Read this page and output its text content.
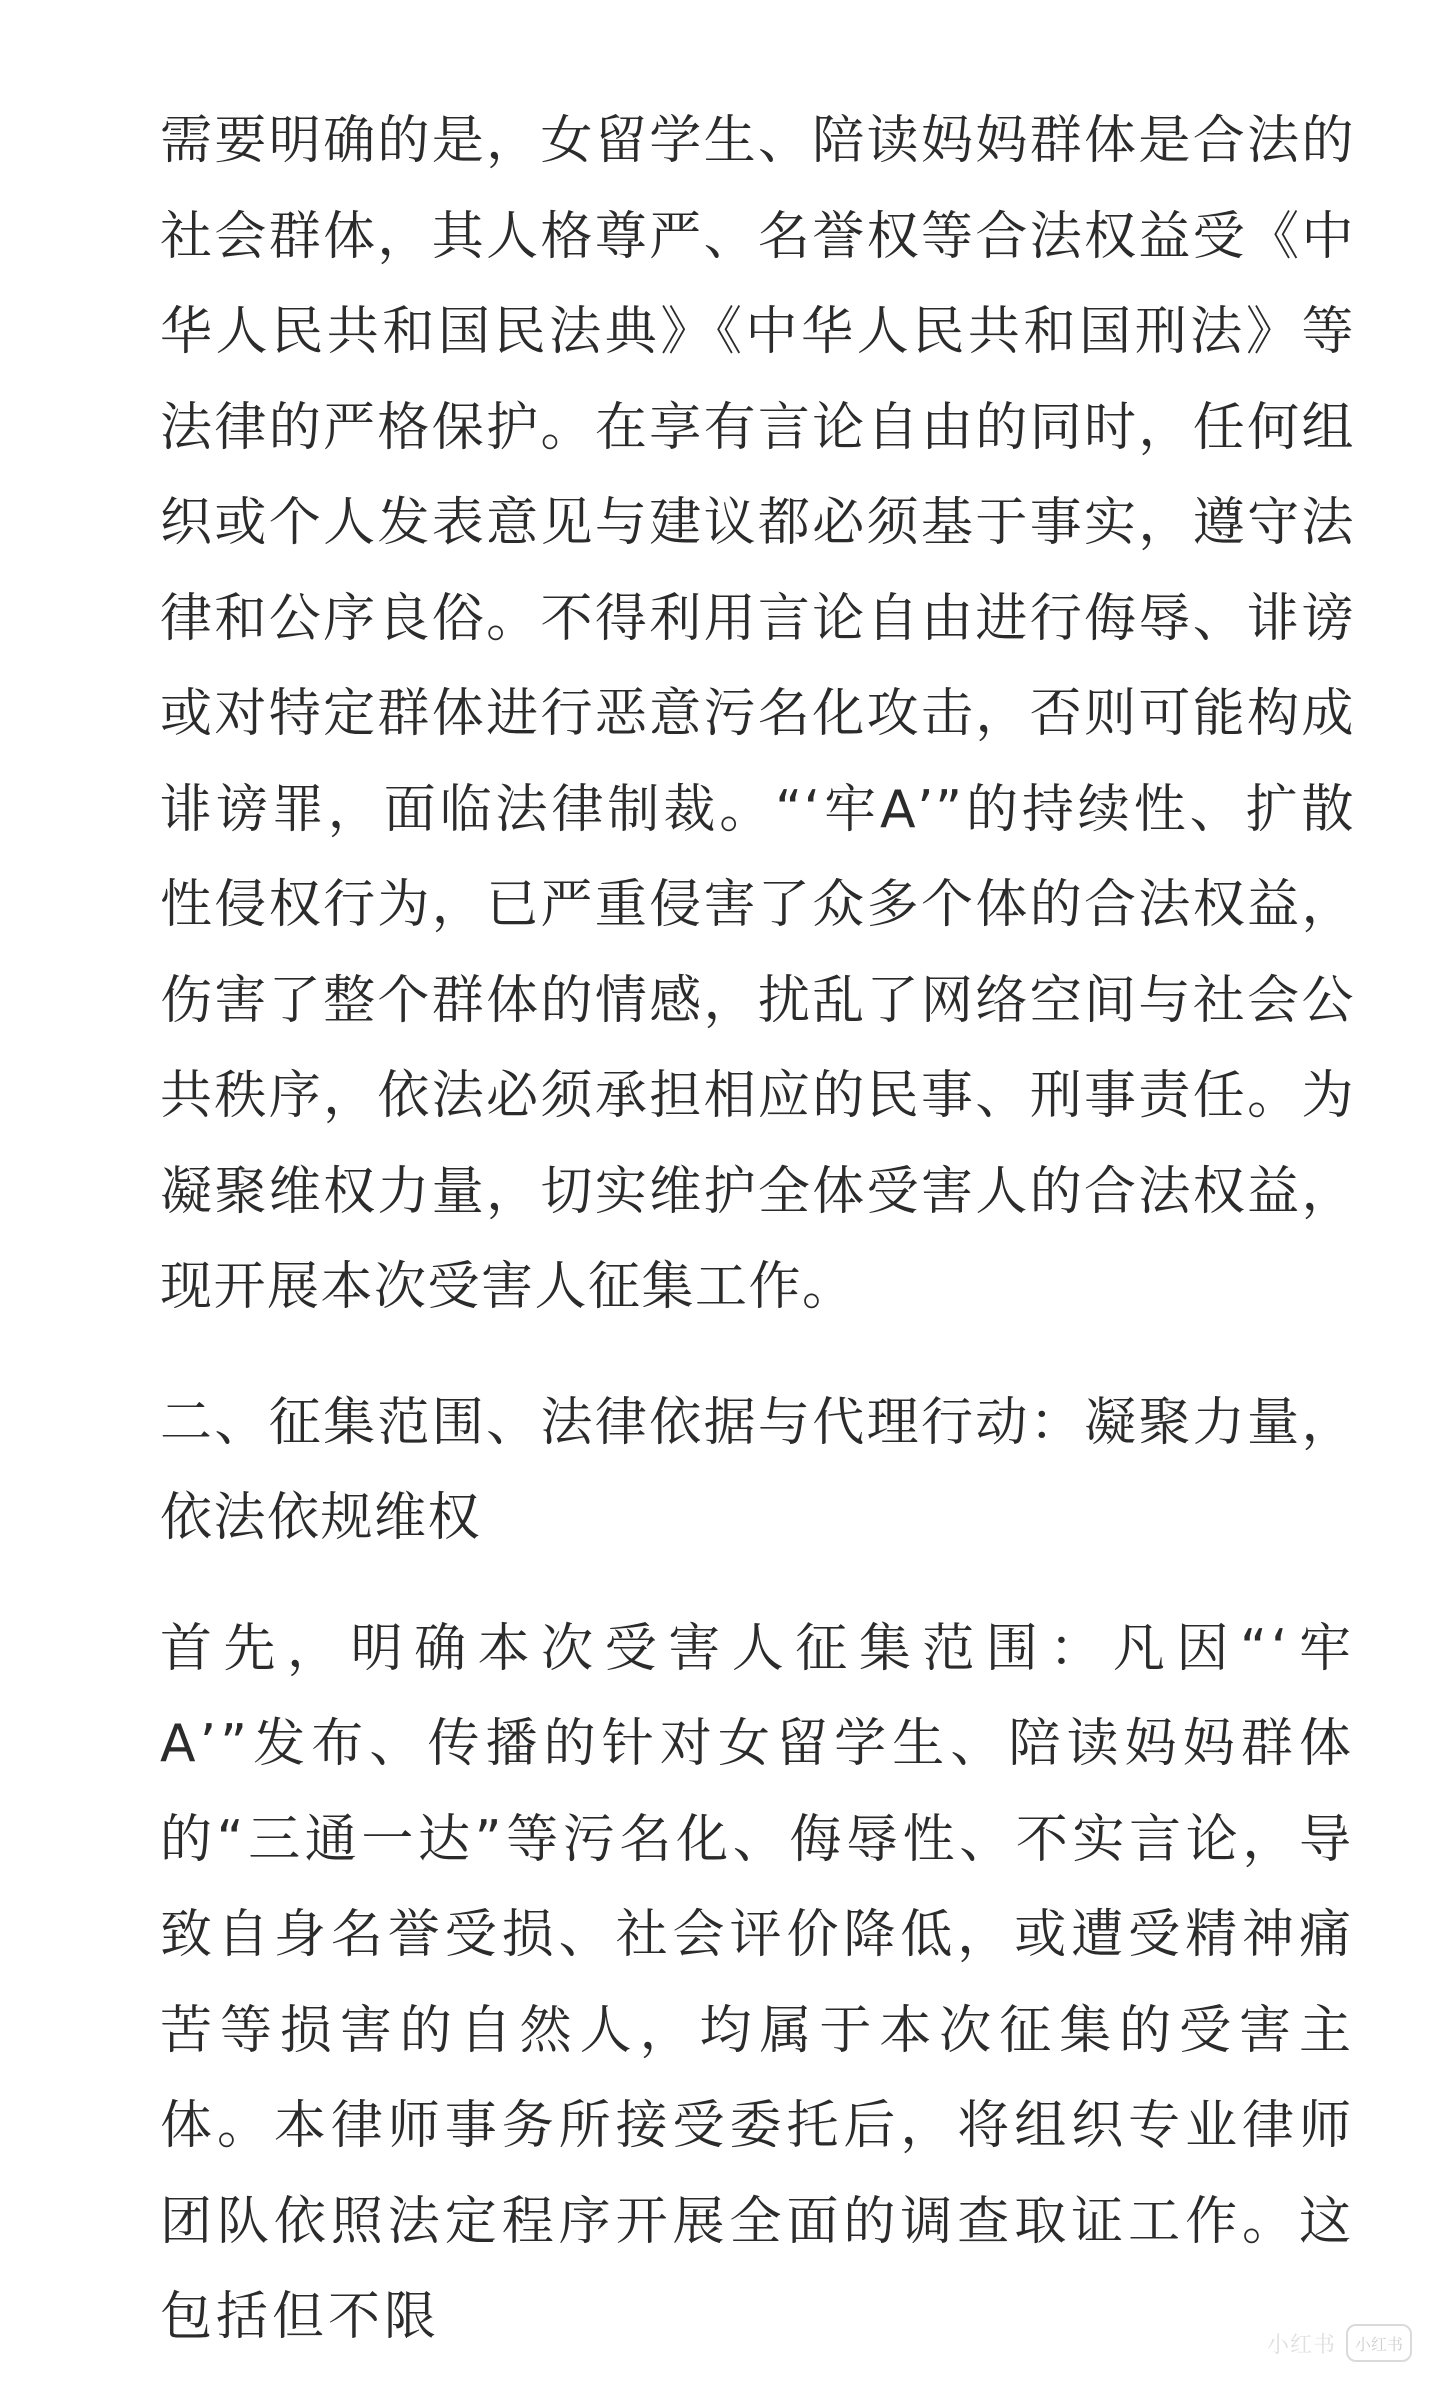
需要明确的是，女留学生、陪读妈妈群体是合法的社会群体，其人格尊严、名誉权等合法权益受《中华人民共和国民法典》《中华人民共和国刑法》等法律的严格保护。在享有言论自由的同时，任何组织或个人发表意见与建议都必须基于事实，遵守法律和公序良俗。不得利用言论自由进行侮辱、诽谤或对特定群体进行恶意污名化攻击，否则可能构成诽谤罪，面临法律制裁。“‘牢A’”的持续性、扩散性侵权行为，已严重侵害了众多个体的合法权益，伤害了整个群体的情感，扰乱了网络空间与社会公共秩序，依法必须承担相应的民事、刑事责任。为凝聚维权力量，切实维护全体受害人的合法权益，现开展本次受害人征集工作。

二、征集范围、法律依据与代理行动：凝聚力量，依法依规维权

首先，明确本次受害人征集范围：凡因“‘牢A’”发布、传播的针对女留学生、陪读妈妈群体的“三通一达”等污名化、侮辱性、不实言论，导致自身名誉受损、社会评价降低，或遭受精神痛苦等损害的自然人，均属于本次征集的受害主体。本律师事务所接受委托后，将组织专业律师团队依照法定程序开展全面的调查取证工作。这包括但不限	小红书	小红书
